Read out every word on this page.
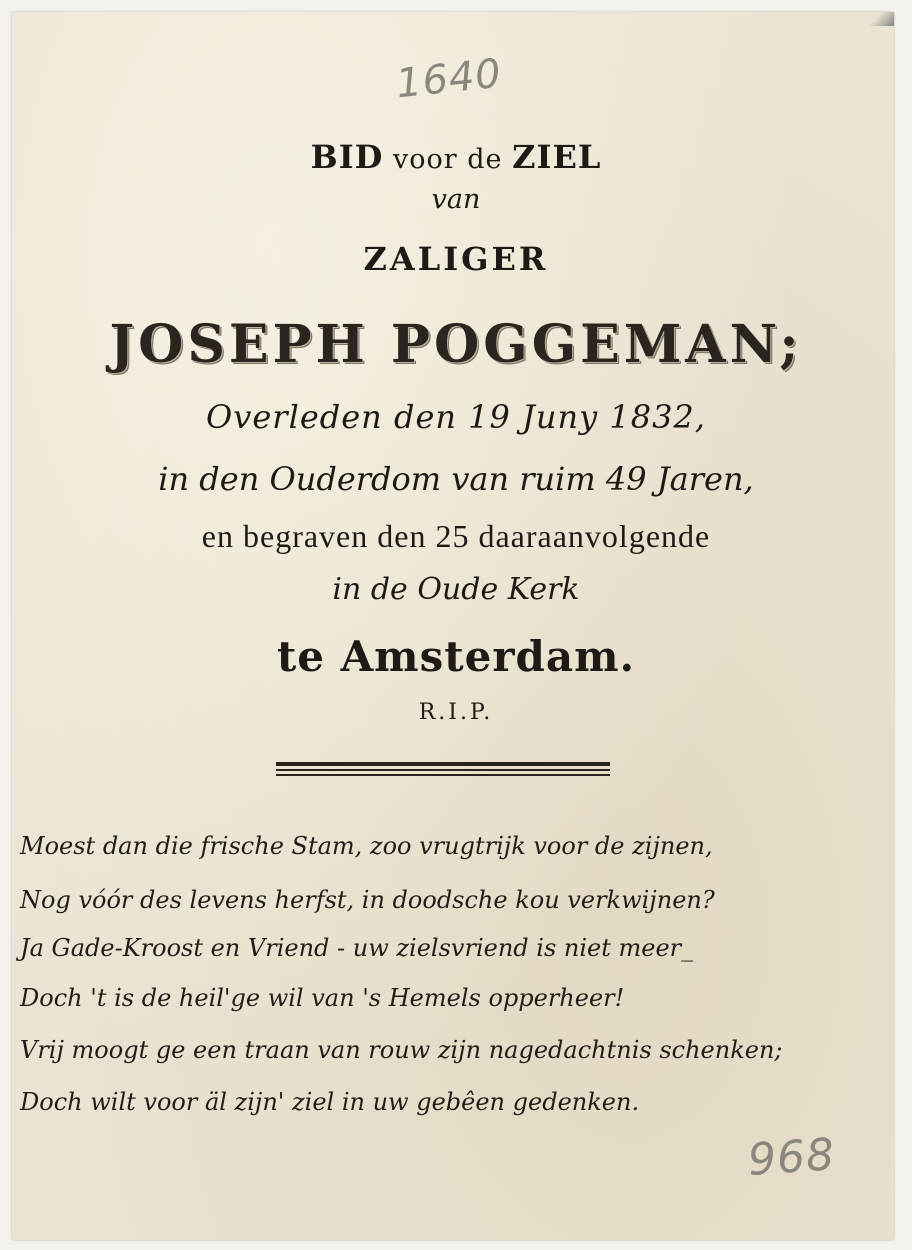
1640
BID voor de ZIEL
van
ZALIGER
JOSEPH POGGEMAN;
Overleden den 19 Juny 1832,
in den Ouderdom van ruim 49 Jaren,
en begraven den 25 daaraanvolgende
in de Oude Kerk
te Amsterdam.
R.I.P.
Moest dan die frische Stam, zoo vrugtrijk voor de zijnen,
Nog vóór des levens herfst, in doodsche kou verkwijnen?
Ja Gade-Kroost en Vriend - uw zielsvriend is niet meer_
Doch 't is de heil'ge wil van 's Hemels opperheer!
Vrij moogt ge een traan van rouw zijn nagedachtnis schenken;
Doch wilt voor äl zijn' ziel in uw gebêen gedenken.
968
